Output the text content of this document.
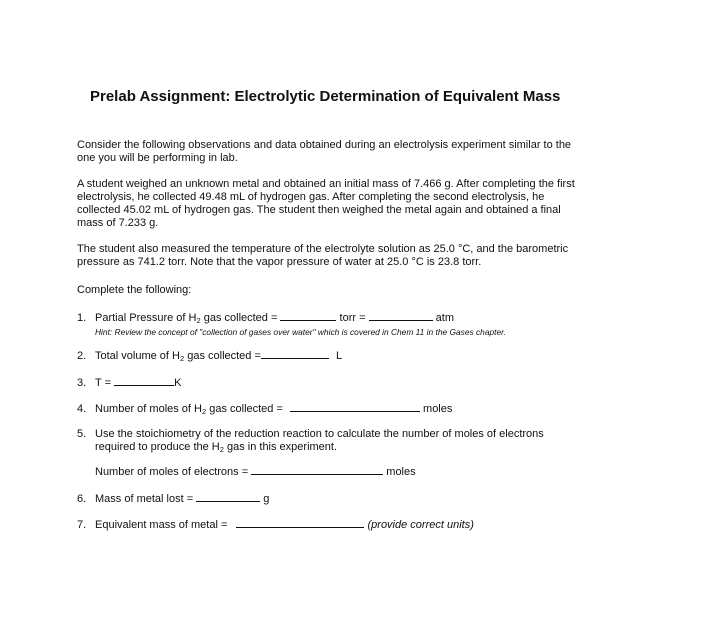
Prelab Assignment: Electrolytic Determination of Equivalent Mass
Consider the following observations and data obtained during an electrolysis experiment similar to the one you will be performing in lab.
A student weighed an unknown metal and obtained an initial mass of 7.466 g. After completing the first electrolysis, he collected 49.48 mL of hydrogen gas. After completing the second electrolysis, he collected 45.02 mL of hydrogen gas. The student then weighed the metal again and obtained a final mass of 7.233 g.
The student also measured the temperature of the electrolyte solution as 25.0 °C, and the barometric pressure as 741.2 torr. Note that the vapor pressure of water at 25.0 °C is 23.8 torr.
Complete the following:
1. Partial Pressure of $H_2$ gas collected =	torr =	atm
Hint: Review the concept of "collection of gases over water" which is covered in Chem 11 in the Gases chapter.
2. Total volume of $H_2$ gas collected =	L
3. T =	K
4. Number of moles of $H_2$ gas collected =	moles
5. Use the stoichiometry of the reduction reaction to calculate the number of moles of electrons required to produce the $H_2$ gas in this experiment.
Number of moles of electrons =	moles
6. Mass of metal lost =	g
7. Equivalent mass of metal =	(provide correct units)
